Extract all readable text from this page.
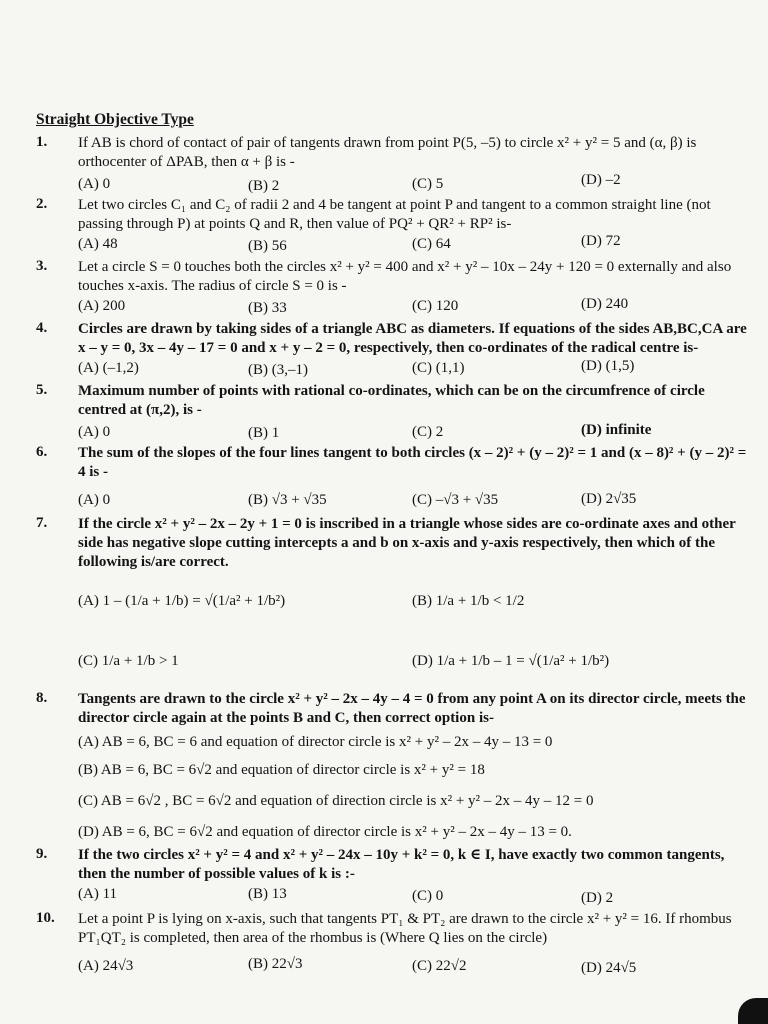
Straight Objective Type
1. If AB is chord of contact of pair of tangents drawn from point P(5, –5) to circle x² + y² = 5 and (α, β) is orthocenter of ΔPAB, then α + β is -
(A) 0	(B) 2	(C) 5	(D) –2
2. Let two circles C₁ and C₂ of radii 2 and 4 be tangent at point P and tangent to a common straight line (not passing through P) at points Q and R, then value of PQ² + QR² + RP² is-
(A) 48	(B) 56	(C) 64	(D) 72
3. Let a circle S = 0 touches both the circles x² + y² = 400 and x² + y² – 10x – 24y + 120 = 0 externally and also touches x-axis. The radius of circle S = 0 is -
(A) 200	(B) 33	(C) 120	(D) 240
4. Circles are drawn by taking sides of a triangle ABC as diameters. If equations of the sides AB,BC,CA are x – y = 0, 3x – 4y – 17 = 0 and x + y – 2 = 0, respectively, then co-ordinates of the radical centre is-
(A) (–1,2)	(B) (3,–1)	(C) (1,1)	(D) (1,5)
5. Maximum number of points with rational co-ordinates, which can be on the circumfrence of circle centred at (π,2), is -
(A) 0	(B) 1	(C) 2	(D) infinite
6. The sum of the slopes of the four lines tangent to both circles (x – 2)² + (y – 2)² = 1 and (x – 8)² + (y – 2)² = 4 is -
(A) 0	(B) √3 + √35	(C) –√3 + √35	(D) 2√35
7. If the circle x² + y² – 2x – 2y + 1 = 0 is inscribed in a triangle whose sides are co-ordinate axes and other side has negative slope cutting intercepts a and b on x-axis and y-axis respectively, then which of the following is/are correct.
(A) 1 – (1/a + 1/b) = √(1/a² + 1/b²)	(B) 1/a + 1/b < 1/2
(C) 1/a + 1/b > 1	(D) 1/a + 1/b – 1 = √(1/a² + 1/b²)
8. Tangents are drawn to the circle x² + y² – 2x – 4y – 4 = 0 from any point A on its director circle, meets the director circle again at the points B and C, then correct option is-
(A) AB = 6, BC = 6 and equation of director circle is x² + y² – 2x – 4y – 13 = 0
(B) AB = 6, BC = 6√2 and equation of director circle is x² + y² = 18
(C) AB = 6√2 , BC = 6√2 and equation of direction circle is x² + y² – 2x – 4y – 12 = 0
(D) AB = 6, BC = 6√2 and equation of director circle is x² + y² – 2x – 4y – 13 = 0.
9. If the two circles x² + y² = 4 and x² + y² – 24x – 10y + k² = 0, k ∈ I, have exactly two common tangents, then the number of possible values of k is :-
(A) 11	(B) 13	(C) 0	(D) 2
10. Let a point P is lying on x-axis, such that tangents PT₁ & PT₂ are drawn to the circle x² + y² = 16. If rhombus PT₁QT₂ is completed, then area of the rhombus is (Where Q lies on the circle)
(A) 24√3	(B) 22√3	(C) 22√2	(D) 24√5
